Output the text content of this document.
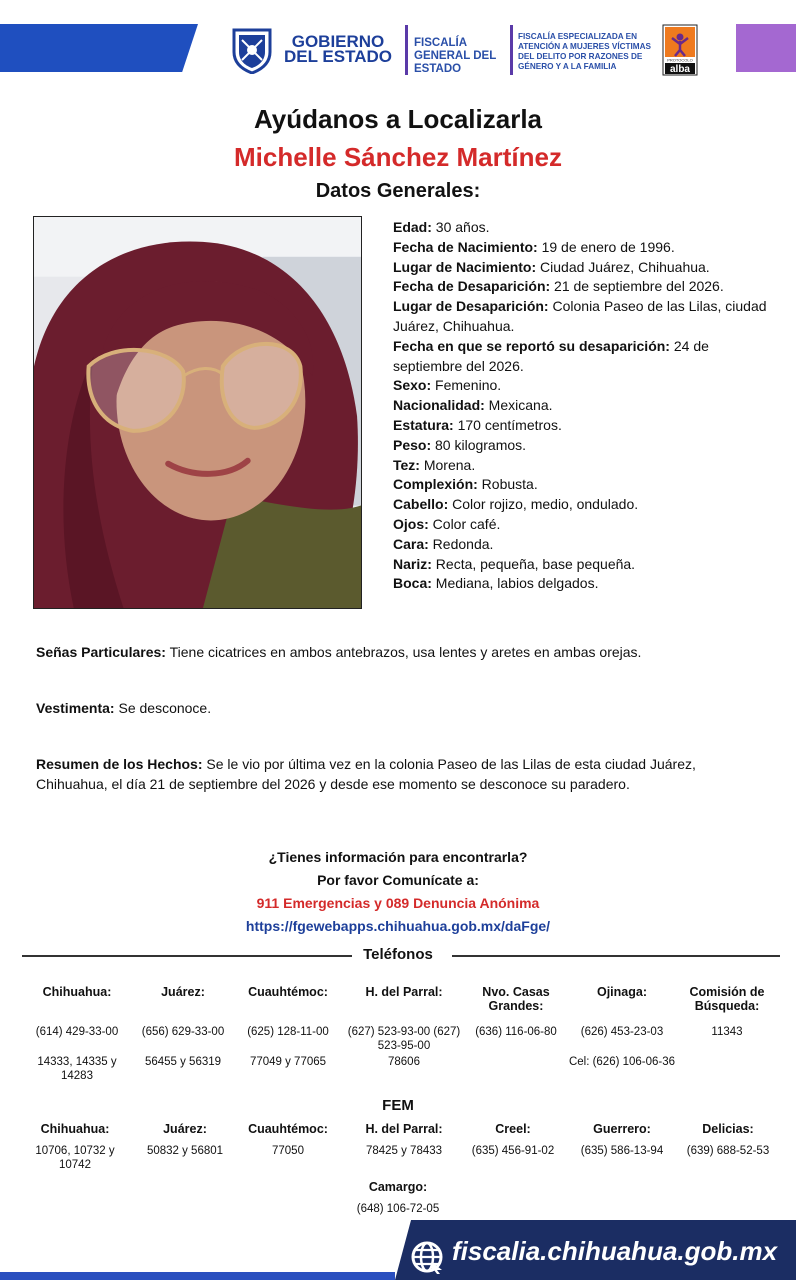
GOBIERNO DEL ESTADO
FISCALÍA GENERAL DEL ESTADO
FISCALÍA ESPECIALIZADA EN ATENCIÓN A MUJERES VÍCTIMAS DEL DELITO POR RAZONES DE GÉNERO Y A LA FAMILIA
PROTOCOLO
alba
Ayúdanos a Localizarla
Michelle Sánchez Martínez
Datos Generales:

Edad: 30 años.

Fecha de Nacimiento: 19 de enero de 1996.

Lugar de Nacimiento: Ciudad Juárez, Chihuahua.

Fecha de Desaparición: 21 de septiembre del 2026.

Lugar de Desaparición: Colonia Paseo de las Lilas, ciudad Juárez, Chihuahua.

Fecha en que se reportó su desaparición: 24 de septiembre del 2026.

Sexo: Femenino.

Nacionalidad: Mexicana.

Estatura: 170 centímetros.

Peso: 80 kilogramos.

Tez: Morena.

Complexión: Robusta.

Cabello: Color rojizo, medio, ondulado.

Ojos: Color café.

Cara: Redonda.

Nariz: Recta, pequeña, base pequeña.

Boca: Mediana, labios delgados.

Señas Particulares: Tiene cicatrices en ambos antebrazos, usa lentes y aretes en ambas orejas.
Vestimenta: Se desconoce.
Resumen de los Hechos: Se le vio por última vez en la colonia Paseo de las Lilas de esta ciudad Juárez, Chihuahua, el día 21 de septiembre del 2026 y desde ese momento se desconoce su paradero.
¿Tienes información para encontrarla?
Por favor Comunícate a:
911 Emergencias y 089 Denuncia Anónima
https://fgewebapps.chihuahua.gob.mx/daFge/
Teléfonos
Chihuahua:
(614) 429-33-00
14333, 14335 y 14283
Juárez:
(656) 629-33-00
56455 y 56319
Cuauhtémoc:
(625) 128-11-00
77049 y 77065
H. del Parral:
(627) 523-93-00 (627) 523-95-00
78606
Nvo. Casas Grandes:
(636) 116-06-80
Ojinaga:
(626) 453-23-03
Cel: (626) 106-06-36
Comisión de Búsqueda:
11343
FEM
Chihuahua:
10706, 10732 y 10742
Juárez:
50832 y 56801
Cuauhtémoc:
77050
H. del Parral:
78425 y 78433
Creel:
(635) 456-91-02
Guerrero:
(635) 586-13-94
Delicias:
(639) 688-52-53
Camargo:
(648) 106-72-05
fiscalia.chihuahua.gob.mx
